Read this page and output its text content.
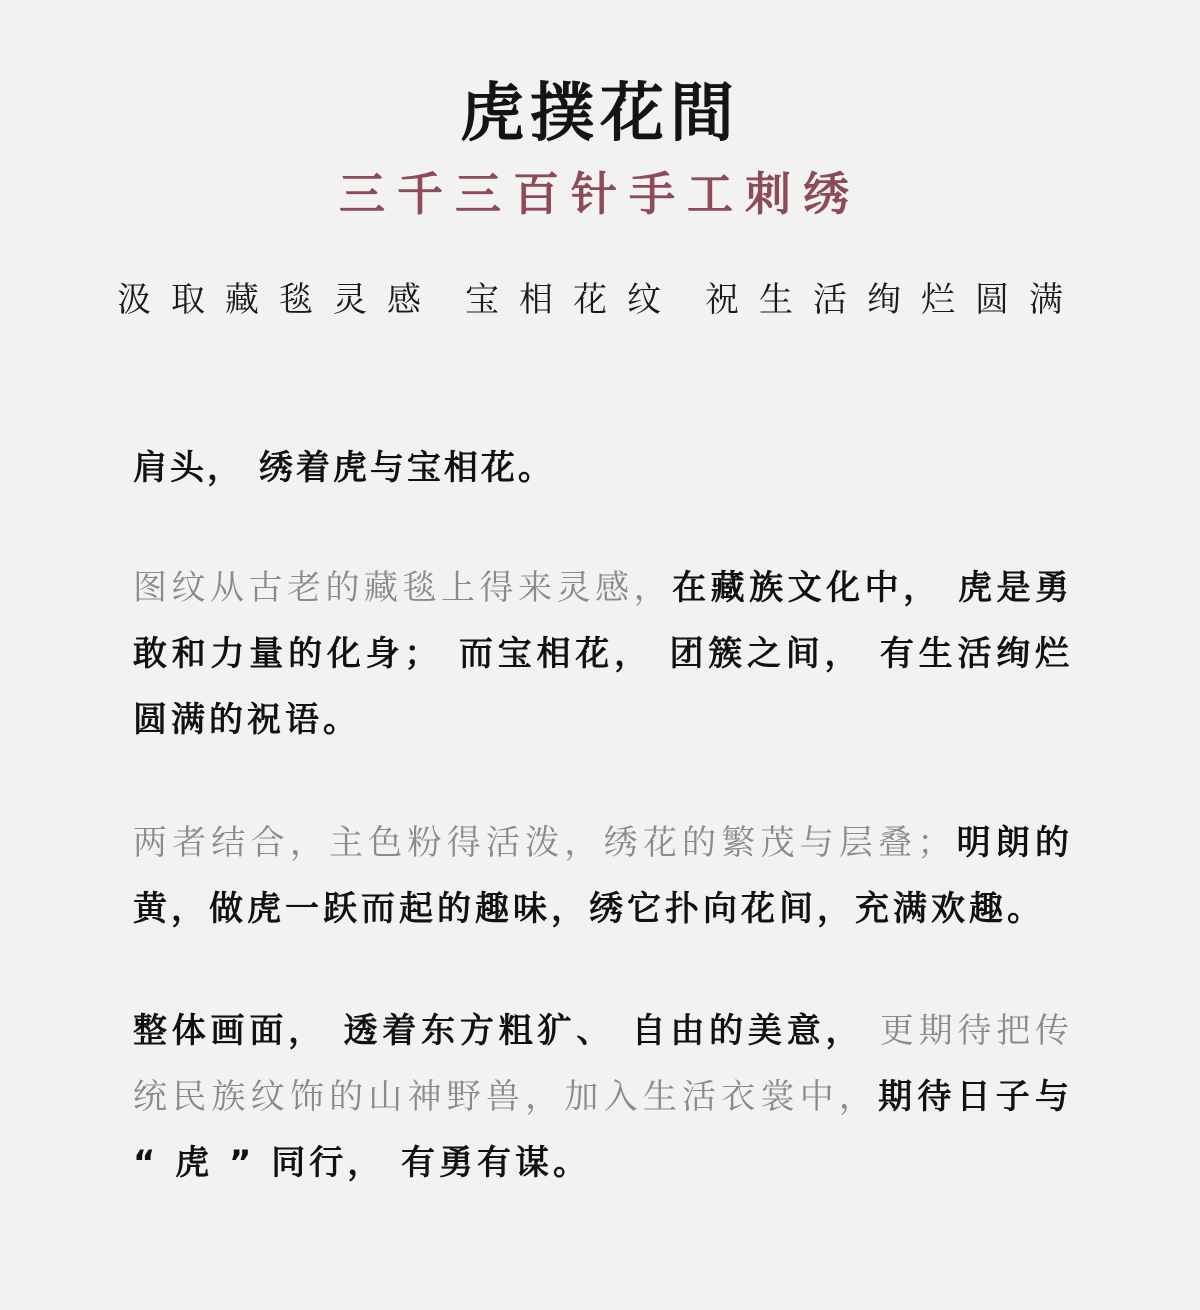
虎撲花間
三千三百针手工刺绣
汲取藏毯灵感 宝相花纹 祝生活绚烂圆满
肩头， 绣着虎与宝相花。
图纹从古老的藏毯上得来灵感，在藏族文化中， 虎是勇敢和力量的化身； 而宝相花， 团簇之间， 有生活绚烂圆满的祝语。
两者结合，主色粉得活泼，绣花的繁茂与层叠；明朗的黄，做虎一跃而起的趣味，绣它扑向花间，充满欢趣。
整体画面， 透着东方粗犷、 自由的美意， 更期待把传统民族纹饰的山神野兽，加入生活衣裳中，期待日子与 “ 虎 ” 同行， 有勇有谋。
